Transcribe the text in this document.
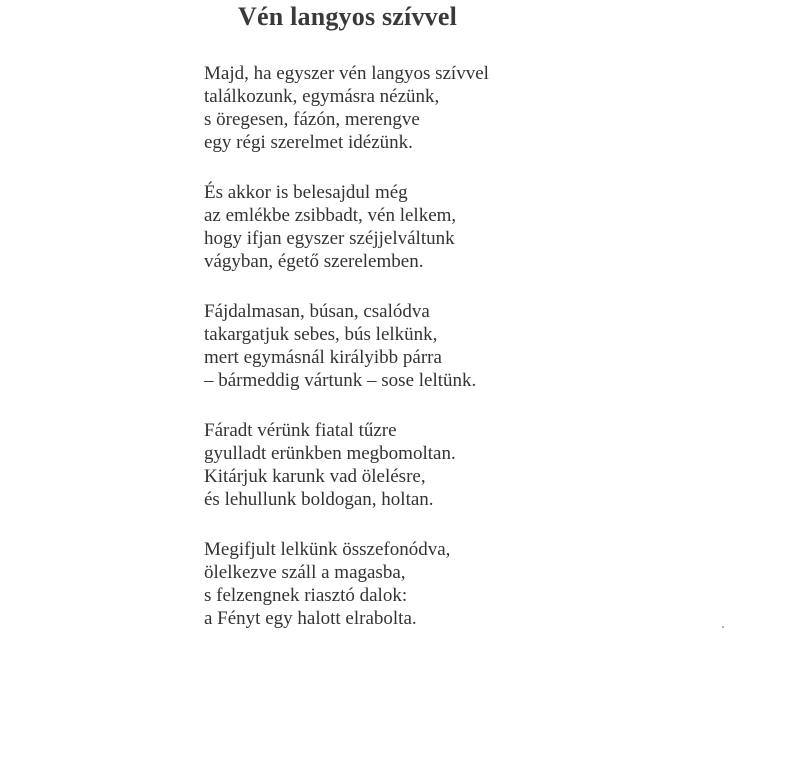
Vén langyos szívvel
Majd, ha egyszer vén langyos szívvel
találkozunk, egymásra nézünk,
s öregesen, fázón, merengve
egy régi szerelmet idézünk.
És akkor is belesajdul még
az emlékbe zsibbadt, vén lelkem,
hogy ifjan egyszer széjjelváltunk
vágyban, égető szerelemben.
Fájdalmasan, búsan, csalódva
takargatjuk sebes, bús lelkünk,
mert egymásnál királyibb párra
– bármeddig vártunk – sose leltünk.
Fáradt vérünk fiatal tűzre
gyulladt erünkben megbomoltan.
Kitárjuk karunk vad ölelésre,
és lehullunk boldogan, holtan.
Megifjult lelkünk összefonódva,
ölelkezve száll a magasba,
s felzengnek riasztó dalok:
a Fényt egy halott elrabolta.
